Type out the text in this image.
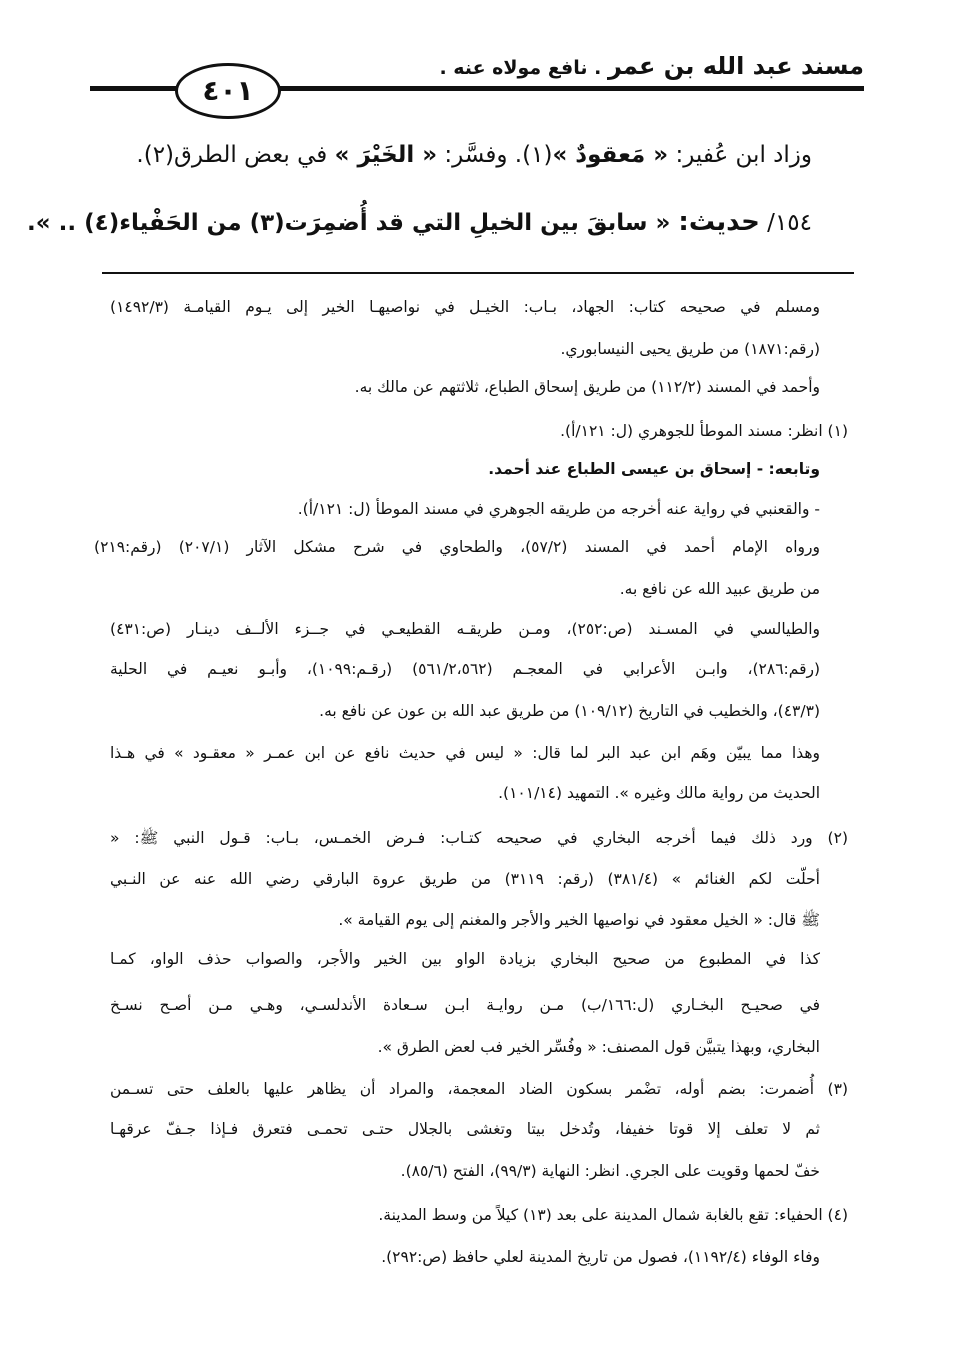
مسند عبد الله بن عمر . نافع مولاه عنه .
٤٠١
وزاد ابن عُفير: « مَعقودٌ »(١). وفسَّر: « الخَيْرَ » في بعض الطرق(٢).
١٥٤/ حديث: « سابقَ بين الخيلِ التي قد أُضمِرَت(٣) من الحَفْياء(٤) .. ».
ومسلم في صحيحه كتاب: الجهاد، بـاب: الخيـل في نواصيهـا الخير إلى يـوم القيامـة (١٤٩٢/٣)
(رقم:١٨٧١) من طريق يحيى النيسابوري.
وأحمد في المسند (١١٢/٢) من طريق إسحاق الطباع، ثلاثتهم عن مالك به.
(١) انظر: مسند الموطأ للجوهري (ل: ١٢١/أ).
وتابعه: - إسحاق بن عيسى الطباع عند أحمد.
- والقعنبي في رواية عنه أخرجه من طريقه الجوهري في مسند الموطأ (ل: ١٢١/أ).
ورواه الإمام أحمد في المسند (٥٧/٢)، والطحاوي في شرح مشكل الآثار (٢٠٧/١) (رقم:٢١٩)
من طريق عبيد الله عن نافع به.
والطيالسي في المسـند (ص:٢٥٢)، ومـن طريقـه القطيعـي في جــزء الألــف دينـار (ص:٤٣١)
(رقم:٢٨٦)، وابـن الأعرابي في المعجـم (٥٦١/٢،٥٦٢) (رقـم:١٠٩٩)، وأبـو نعيـم في الحلية
(٤٣/٣)، والخطيب في التاريخ (١٠٩/١٢) من طريق عبد الله بن عون عن نافع به.
وهذا مما يبيّن وهَم ابن عبد البر لما قال: « ليس في حديث نافع عن ابن عمـر « معقـود » في هـذا
الحديث من رواية مالك وغيره ». التمهيد (١٠١/١٤).
(٢) ورد ذلك فيما أخرجه البخاري في صحيحه كتـاب: فـرض الخمـس، بـاب: قـول النبي ﷺ: «
أحلّت لكم الغنائم » (٣٨١/٤) (رقم: ٣١١٩) من طريق عروة البارقي رضي الله عنه عن النـبي
ﷺ قال: « الخيل معقود في نواصيها الخير والأجر والمغنم إلى يوم القيامة ».
كذا في المطبوع من صحيح البخاري بزيادة الواو بين الخير والأجر، والصواب حذف الواو، كمـا
في صحيـح البخـاري (ل:١٦٦/ب) مـن روايـة ابـن سـعادة الأندلسـي، وهـي مـن أصـح نسـخ
البخاري، وبهذا يتبيَّن قول المصنف: « وفُسِّر الخير فب لعض الطرق ».
(٣) أُضمرت: بضم أوله، تضْمر بسكون الضاد المعجمة، والمراد أن يظاهر عليها بالعلف حتى تسـمن
ثم لا تعلف إلا قوتا خفيفا، وتُدخل بيتا وتغشى بالجلال حتـى تحمـى فتعرق فـإذا جـفّ عرقهـا
خفّ لحمها وقويت على الجري. انظر: النهاية (٩٩/٣)، الفتح (٨٥/٦).
(٤) الحفياء: تقع بالغابة شمال المدينة على بعد (١٣) كيلاً من وسط المدينة.
وفاء الوفاء (١١٩٢/٤)، فصول من تاريخ المدينة لعلي حافظ (ص:٢٩٢).
